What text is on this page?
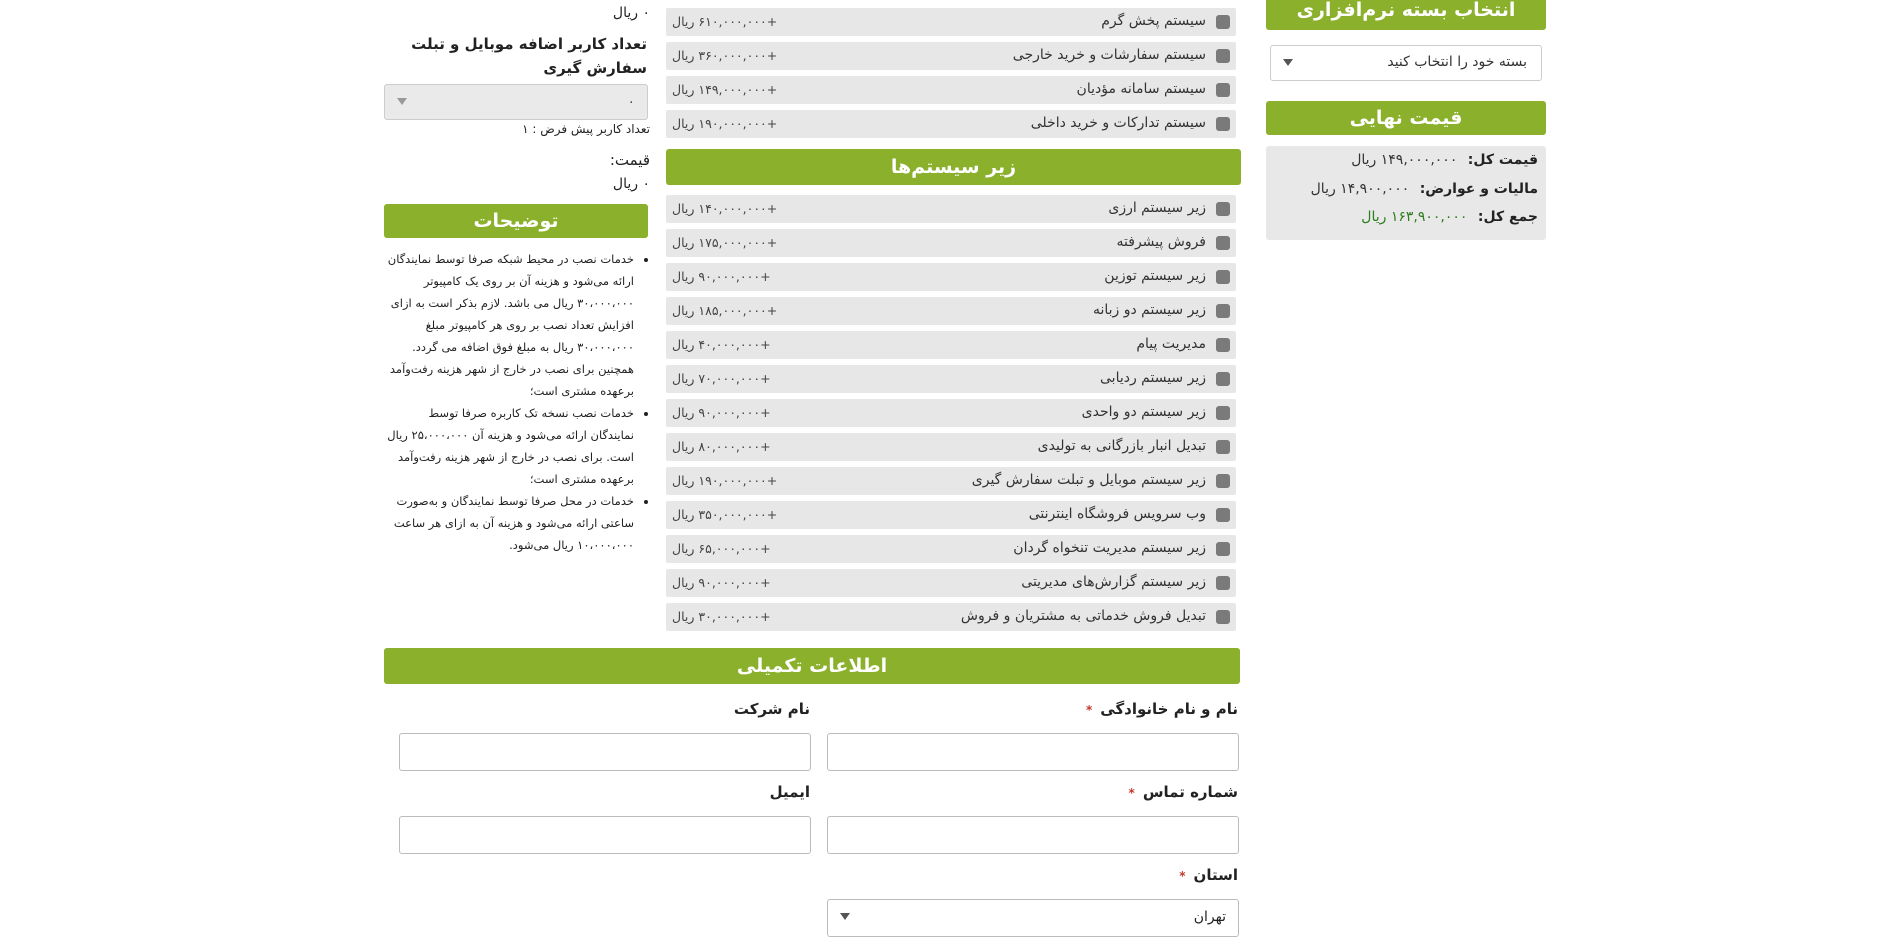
انتخاب بسته نرم‌افزاری
بسته خود را انتخاب کنید
قیمت نهایی
قیمت کل: ۱۴۹,۰۰۰,۰۰۰ ریال
مالیات و عوارض: ۱۴,۹۰۰,۰۰۰ ریال
جمع کل: ۱۶۳,۹۰۰,۰۰۰ ریال
سیستم پخش گرم
+۶۱۰,۰۰۰,۰۰۰ ریال
سیستم سفارشات و خرید خارجی
+۳۶۰,۰۰۰,۰۰۰ ریال
سیستم سامانه مؤدیان
+۱۴۹,۰۰۰,۰۰۰ ریال
سیستم تدارکات و خرید داخلی
+۱۹۰,۰۰۰,۰۰۰ ریال
زیر سیستم‌ها
زیر سیستم ارزی
+۱۴۰,۰۰۰,۰۰۰ ریال
فروش پیشرفته
+۱۷۵,۰۰۰,۰۰۰ ریال
زیر سیستم توزین
+۹۰,۰۰۰,۰۰۰ ریال
زیر سیستم دو زبانه
+۱۸۵,۰۰۰,۰۰۰ ریال
مدیریت پیام
+۴۰,۰۰۰,۰۰۰ ریال
زیر سیستم ردیابی
+۷۰,۰۰۰,۰۰۰ ریال
زیر سیستم دو واحدی
+۹۰,۰۰۰,۰۰۰ ریال
تبدیل انبار بازرگانی به تولیدی
+۸۰,۰۰۰,۰۰۰ ریال
زیر سیستم موبایل و تبلت سفارش گیری
+۱۹۰,۰۰۰,۰۰۰ ریال
وب سرویس فروشگاه اینترنتی
+۳۵۰,۰۰۰,۰۰۰ ریال
زیر سیستم مدیریت تنخواه گردان
+۶۵,۰۰۰,۰۰۰ ریال
زیر سیستم گزارش‌های مدیریتی
+۹۰,۰۰۰,۰۰۰ ریال
تبدیل فروش خدماتی به مشتریان و فروش
+۳۰,۰۰۰,۰۰۰ ریال
۰ ریال
تعداد کاربر اضافه موبایل و تبلت سفارش گیری
۰
تعداد کاربر پیش فرض : ۱
قیمت:
۰ ریال
توضیحات
• خدمات نصب در محیط شبکه صرفا توسط نمایندگان ارائه می‌شود و هزینه آن بر روی یک کامپیوتر ۳۰،۰۰۰،۰۰۰ ریال می باشد. لازم بذکر است به ازای افزایش تعداد نصب بر روی هر کامپیوتر مبلغ ۳۰،۰۰۰،۰۰۰ ریال به مبلغ فوق اضافه می گردد. همچنین برای نصب در خارج از شهر هزینه رفت‌وآمد برعهده مشتری است؛
• خدمات نصب نسخه تک کاربره صرفا توسط نمایندگان ارائه می‌شود و هزینه آن ۲۵،۰۰۰،۰۰۰ ریال است. برای نصب در خارج از شهر هزینه رفت‌وآمد برعهده مشتری است؛
• خدمات در محل صرفا توسط نمایندگان و به‌صورت ساعتی ارائه می‌شود و هزینه آن به ازای هر ساعت ۱۰،۰۰۰،۰۰۰ ریال می‌شود.
اطلاعات تکمیلی
نام و نام خانوادگی*
نام شرکت
شماره تماس*
ایمیل
استان*
تهران
